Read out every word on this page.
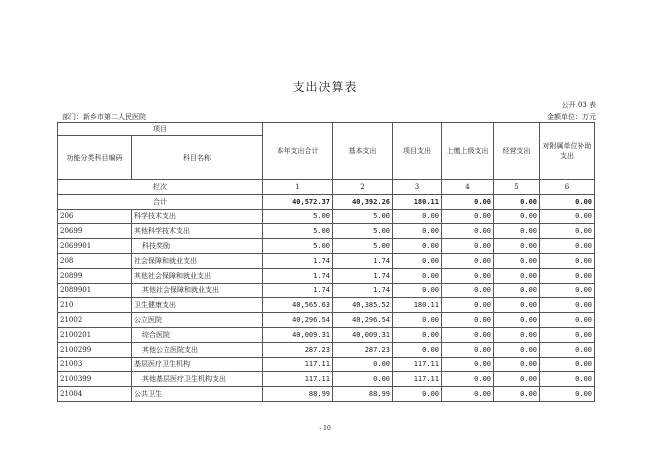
支出决算表
公开 03 表
部门：新乡市第二人民医院	金额单位：万元
项目		本年支出合计	基本支出	项目支出	上缴上级支出	经营支出	对附属单位补助支出
功能分类科目编码	科目名称						
栏次		1	2	3	4	5	6
合计		40,572.37	40,392.26	180.11	0.00	0.00	0.00
206	科学技术支出	5.00	5.00	0.00	0.00	0.00	0.00
20699	其他科学技术支出	5.00	5.00	0.00	0.00	0.00	0.00
2069901	科技奖励	5.00	5.00	0.00	0.00	0.00	0.00
208	社会保障和就业支出	1.74	1.74	0.00	0.00	0.00	0.00
20899	其他社会保障和就业支出	1.74	1.74	0.00	0.00	0.00	0.00
2089901	其他社会保障和就业支出	1.74	1.74	0.00	0.00	0.00	0.00
210	卫生健康支出	40,565.63	40,385.52	180.11	0.00	0.00	0.00
21002	公立医院	40,296.54	40,296.54	0.00	0.00	0.00	0.00
2100201	综合医院	40,009.31	40,009.31	0.00	0.00	0.00	0.00
2100299	其他公立医院支出	287.23	287.23	0.00	0.00	0.00	0.00
21003	基层医疗卫生机构	117.11	0.00	117.11	0.00	0.00	0.00
2100399	其他基层医疗卫生机构支出	117.11	0.00	117.11	0.00	0.00	0.00
21004	公共卫生	88.99	88.99	0.00	0.00	0.00	0.00
- 10
